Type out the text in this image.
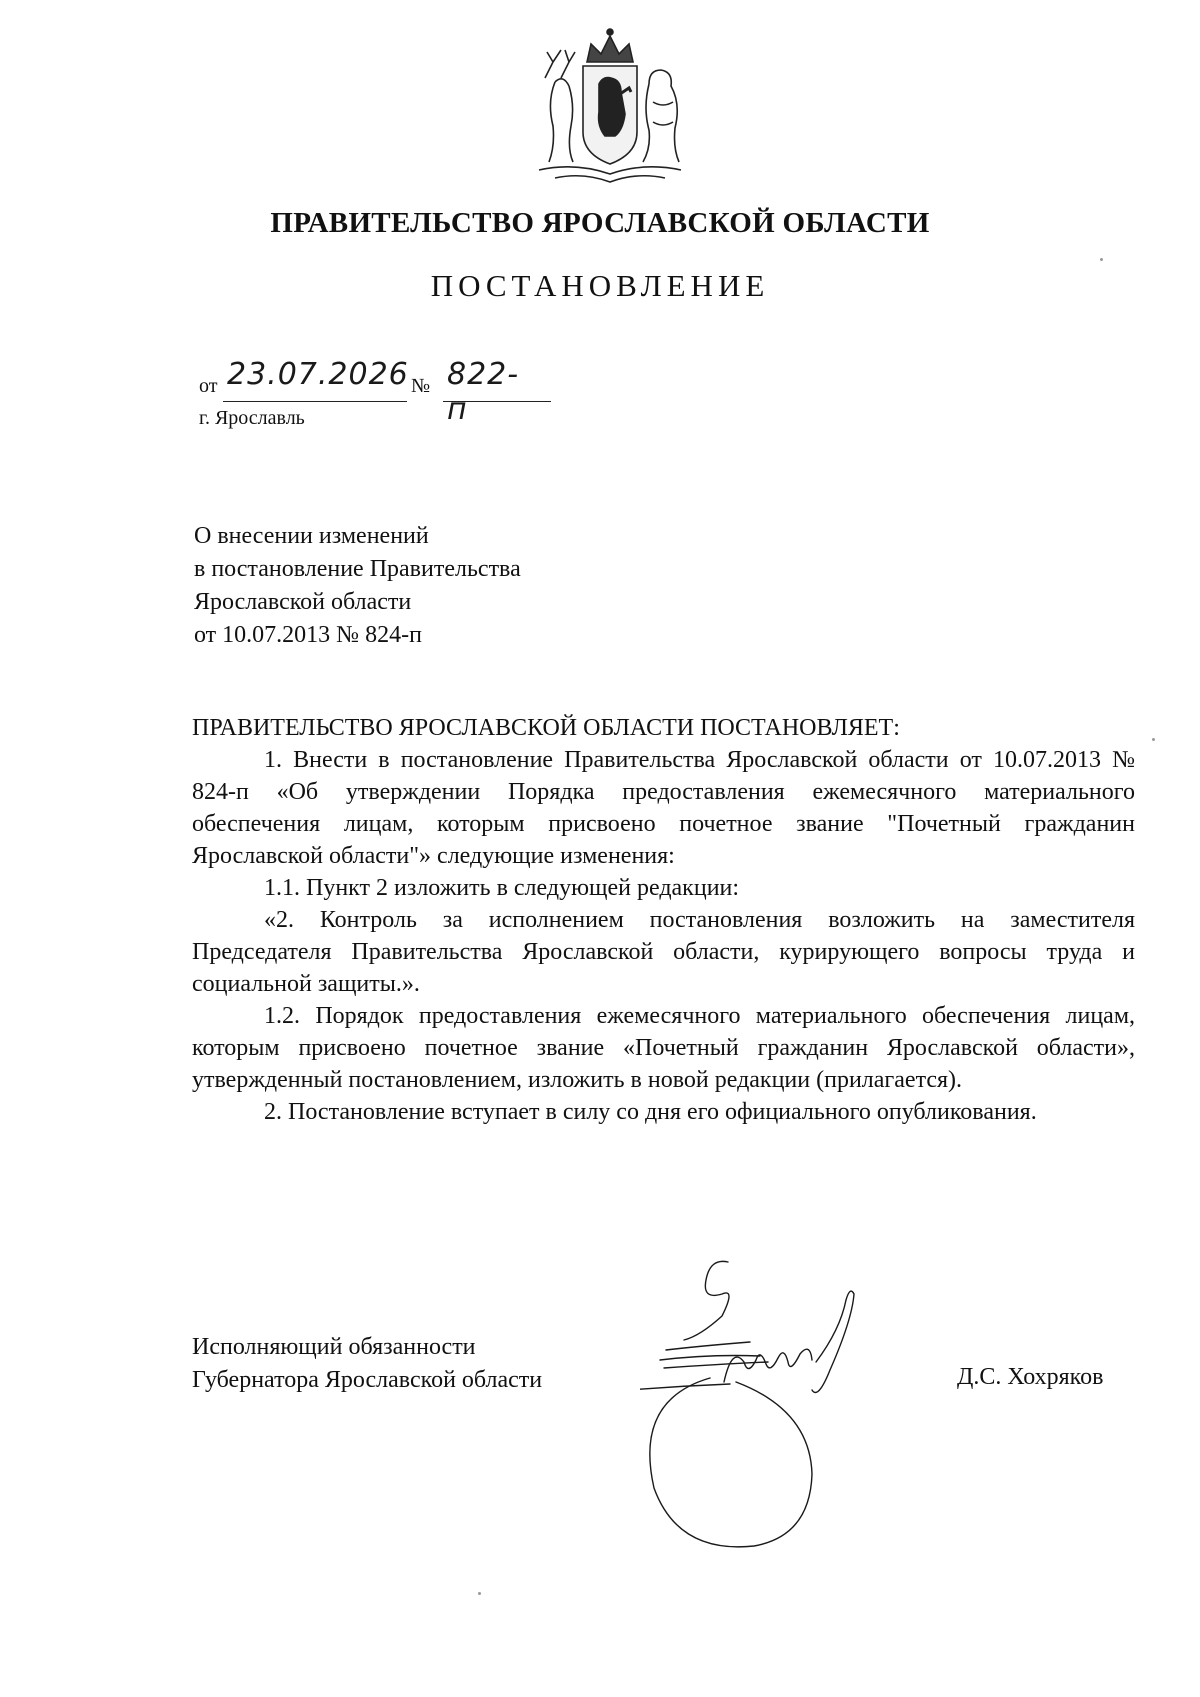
ПРАВИТЕЛЬСТВО ЯРОСЛАВСКОЙ ОБЛАСТИ
ПОСТАНОВЛЕНИЕ
от 23.07.2026 № 822-п
г. Ярославль
О внесении изменений
в постановление Правительства
Ярославской области
от 10.07.2013 № 824-п

ПРАВИТЕЛЬСТВО ЯРОСЛАВСКОЙ ОБЛАСТИ ПОСТАНОВЛЯЕТ:

1. Внести в постановление Правительства Ярославской области от 10.07.2013 № 824-п «Об утверждении Порядка предоставления ежемесячного материального обеспечения лицам, которым присвоено почетное звание "Почетный гражданин Ярославской области"» следующие изменения:

1.1. Пункт 2 изложить в следующей редакции:

«2. Контроль за исполнением постановления возложить на заместителя Председателя Правительства Ярославской области, курирующего вопросы труда и социальной защиты.».

1.2. Порядок предоставления ежемесячного материального обеспечения лицам, которым присвоено почетное звание «Почетный гражданин Ярославской области», утвержденный постановлением, изложить в новой редакции (прилагается).

2. Постановление вступает в силу со дня его официального опубликования.

Исполняющий обязанности
Губернатора Ярославской области	Д.С. Хохряков
